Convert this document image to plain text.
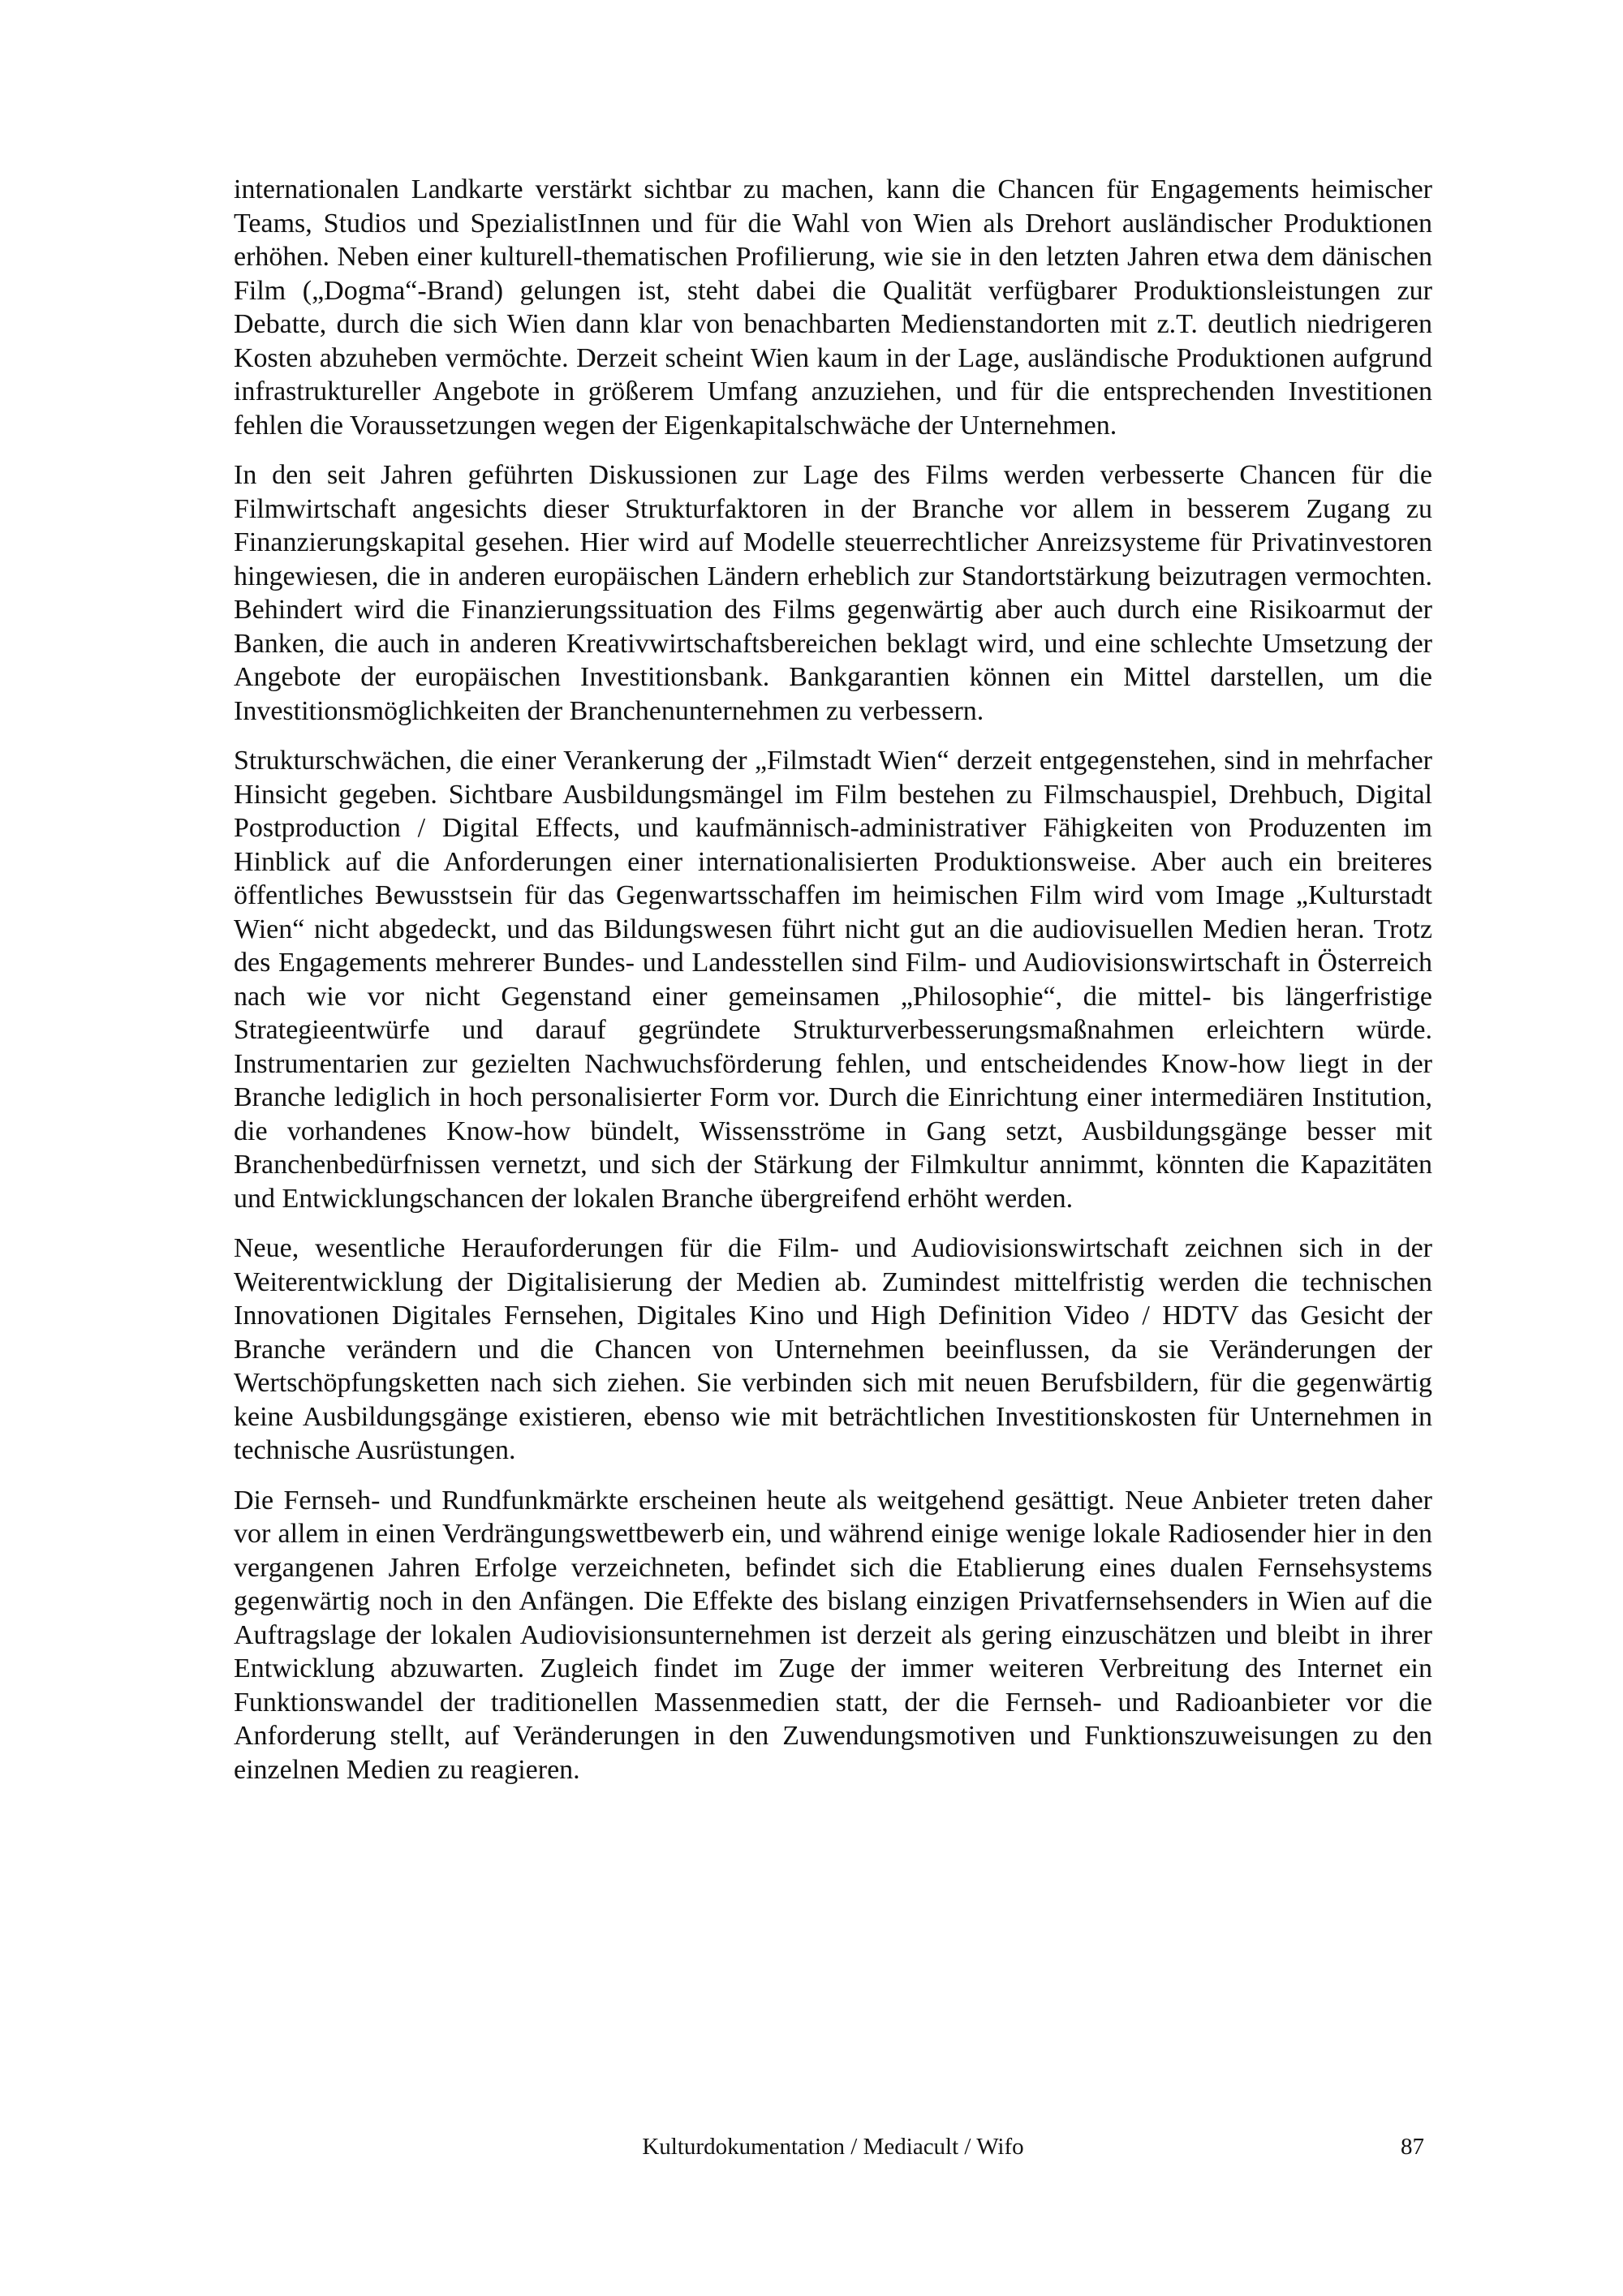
internationalen Landkarte verstärkt sichtbar zu machen, kann die Chancen für Engagements heimischer Teams, Studios und SpezialistInnen und für die Wahl von Wien als Drehort ausländischer Produktionen erhöhen. Neben einer kulturell-thematischen Profilierung, wie sie in den letzten Jahren etwa dem dänischen Film („Dogma“-Brand) gelungen ist, steht dabei die Qualität verfügbarer Produktionsleistungen zur Debatte, durch die sich Wien dann klar von benachbarten Medienstandorten mit z.T. deutlich niedrigeren Kosten abzuheben vermöchte. Derzeit scheint Wien kaum in der Lage, ausländische Produktionen aufgrund infrastruktureller Angebote in größerem Umfang anzuziehen, und für die entsprechenden Investitionen fehlen die Voraussetzungen wegen der Eigenkapitalschwäche der Unternehmen.

In den seit Jahren geführten Diskussionen zur Lage des Films werden verbesserte Chancen für die Filmwirtschaft angesichts dieser Strukturfaktoren in der Branche vor allem in besserem Zugang zu Finanzierungskapital gesehen. Hier wird auf Modelle steuerrechtlicher Anreizsysteme für Privatinvestoren hingewiesen, die in anderen europäischen Ländern erheblich zur Standortstärkung beizutragen vermochten. Behindert wird die Finanzierungssituation des Films gegenwärtig aber auch durch eine Risikoarmut der Banken, die auch in anderen Kreativwirtschaftsbereichen beklagt wird, und eine schlechte Umsetzung der Angebote der europäischen Investitionsbank. Bankgarantien können ein Mittel darstellen, um die Investitionsmöglichkeiten der Branchenunternehmen zu verbessern.

Strukturschwächen, die einer Verankerung der „Filmstadt Wien“ derzeit entgegenstehen, sind in mehrfacher Hinsicht gegeben. Sichtbare Ausbildungsmängel im Film bestehen zu Filmschauspiel, Drehbuch, Digital Postproduction / Digital Effects, und kaufmännisch-administrativer Fähigkeiten von Produzenten im Hinblick auf die Anforderungen einer internationalisierten Produktionsweise. Aber auch ein breiteres öffentliches Bewusstsein für das Gegenwartsschaffen im heimischen Film wird vom Image „Kulturstadt Wien“ nicht abgedeckt, und das Bildungswesen führt nicht gut an die audiovisuellen Medien heran. Trotz des Engagements mehrerer Bundes- und Landesstellen sind Film- und Audiovisionswirtschaft in Österreich nach wie vor nicht Gegenstand einer gemeinsamen „Philosophie“, die mittel- bis längerfristige Strategieentwürfe und darauf gegründete Strukturverbesserungsmaßnahmen erleichtern würde. Instrumentarien zur gezielten Nachwuchsförderung fehlen, und entscheidendes Know-how liegt in der Branche lediglich in hoch personalisierter Form vor. Durch die Einrichtung einer intermediären Institution, die vorhandenes Know-how bündelt, Wissensströme in Gang setzt, Ausbildungsgänge besser mit Branchenbedürfnissen vernetzt, und sich der Stärkung der Filmkultur annimmt, könnten die Kapazitäten und Entwicklungschancen der lokalen Branche übergreifend erhöht werden.

Neue, wesentliche Herauforderungen für die Film- und Audiovisionswirtschaft zeichnen sich in der Weiterentwicklung der Digitalisierung der Medien ab. Zumindest mittelfristig werden die technischen Innovationen Digitales Fernsehen, Digitales Kino und High Definition Video / HDTV das Gesicht der Branche verändern und die Chancen von Unternehmen beeinflussen, da sie Veränderungen der Wertschöpfungsketten nach sich ziehen. Sie verbinden sich mit neuen Berufsbildern, für die gegenwärtig keine Ausbildungsgänge existieren, ebenso wie mit beträchtlichen Investitionskosten für Unternehmen in technische Ausrüstungen.

Die Fernseh- und Rundfunkmärkte erscheinen heute als weitgehend gesättigt. Neue Anbieter treten daher vor allem in einen Verdrängungswettbewerb ein, und während einige wenige lokale Radiosender hier in den vergangenen Jahren Erfolge verzeichneten, befindet sich die Etablierung eines dualen Fernsehsystems gegenwärtig noch in den Anfängen. Die Effekte des bislang einzigen Privatfernsehsenders in Wien auf die Auftragslage der lokalen Audiovisionsunternehmen ist derzeit als gering einzuschätzen und bleibt in ihrer Entwicklung abzuwarten. Zugleich findet im Zuge der immer weiteren Verbreitung des Internet ein Funktionswandel der traditionellen Massenmedien statt, der die Fernseh- und Radioanbieter vor die Anforderung stellt, auf Veränderungen in den Zuwendungsmotiven und Funktionszuweisungen zu den einzelnen Medien zu reagieren.

Kulturdokumentation / Mediacult / Wifo	87
